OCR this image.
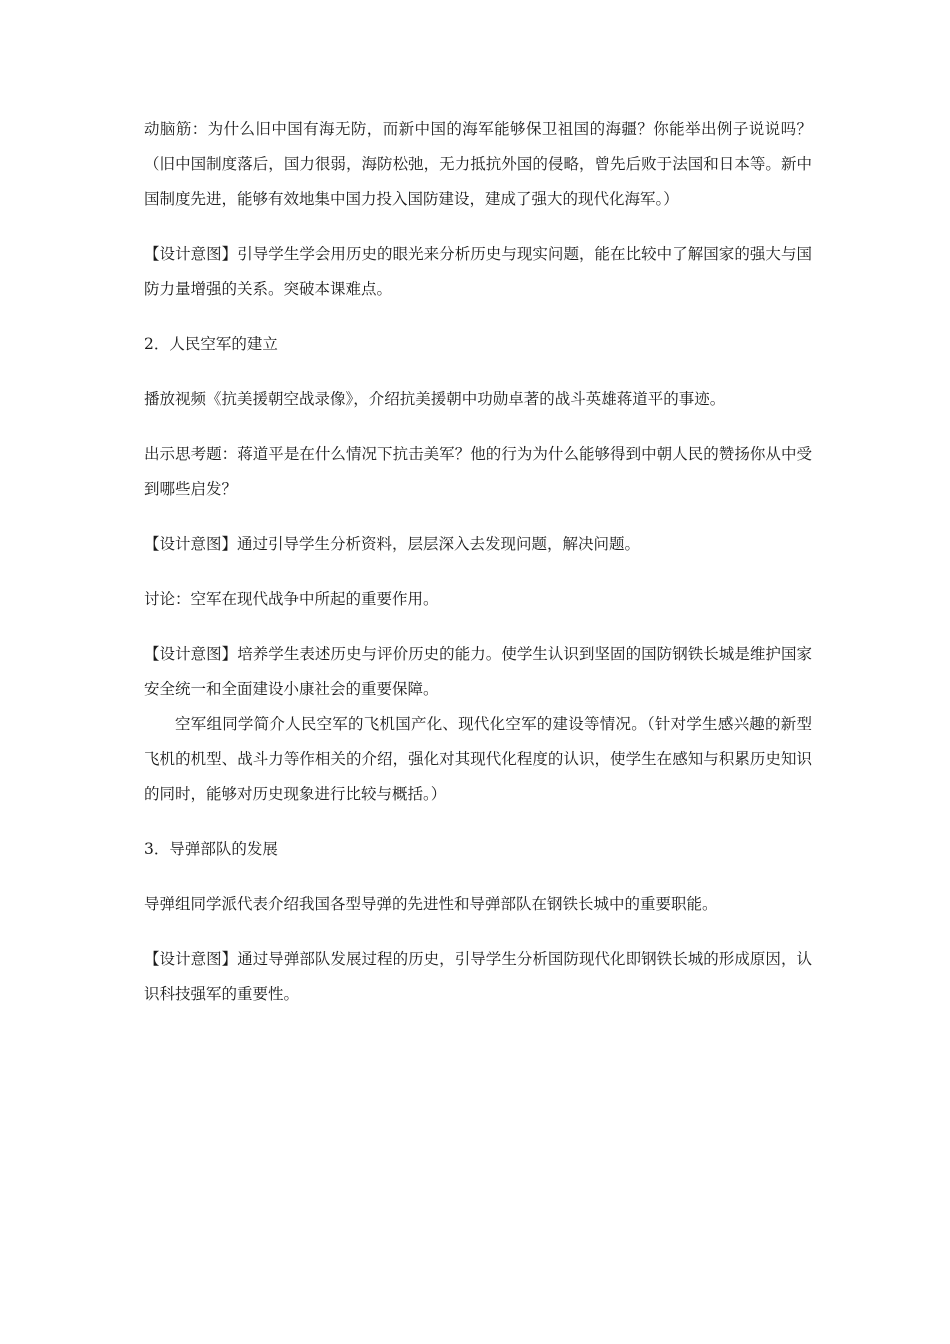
动脑筋：为什么旧中国有海无防，而新中国的海军能够保卫祖国的海疆？你能举出例子说说吗？（旧中国制度落后，国力很弱，海防松弛，无力抵抗外国的侵略，曾先后败于法国和日本等。新中国制度先进，能够有效地集中国力投入国防建设，建成了强大的现代化海军。）

【设计意图】引导学生学会用历史的眼光来分析历史与现实问题，能在比较中了解国家的强大与国防力量增强的关系。突破本课难点。

2．人民空军的建立

播放视频《抗美援朝空战录像》，介绍抗美援朝中功勋卓著的战斗英雄蒋道平的事迹。

出示思考题：蒋道平是在什么情况下抗击美军？他的行为为什么能够得到中朝人民的赞扬你从中受到哪些启发？

【设计意图】通过引导学生分析资料，层层深入去发现问题，解决问题。

讨论：空军在现代战争中所起的重要作用。

【设计意图】培养学生表述历史与评价历史的能力。使学生认识到坚固的国防钢铁长城是维护国家安全统一和全面建设小康社会的重要保障。

空军组同学简介人民空军的飞机国产化、现代化空军的建设等情况。（针对学生感兴趣的新型飞机的机型、战斗力等作相关的介绍，强化对其现代化程度的认识，使学生在感知与积累历史知识的同时，能够对历史现象进行比较与概括。）

3．导弹部队的发展

导弹组同学派代表介绍我国各型导弹的先进性和导弹部队在钢铁长城中的重要职能。

【设计意图】通过导弹部队发展过程的历史，引导学生分析国防现代化即钢铁长城的形成原因，认识科技强军的重要性。
